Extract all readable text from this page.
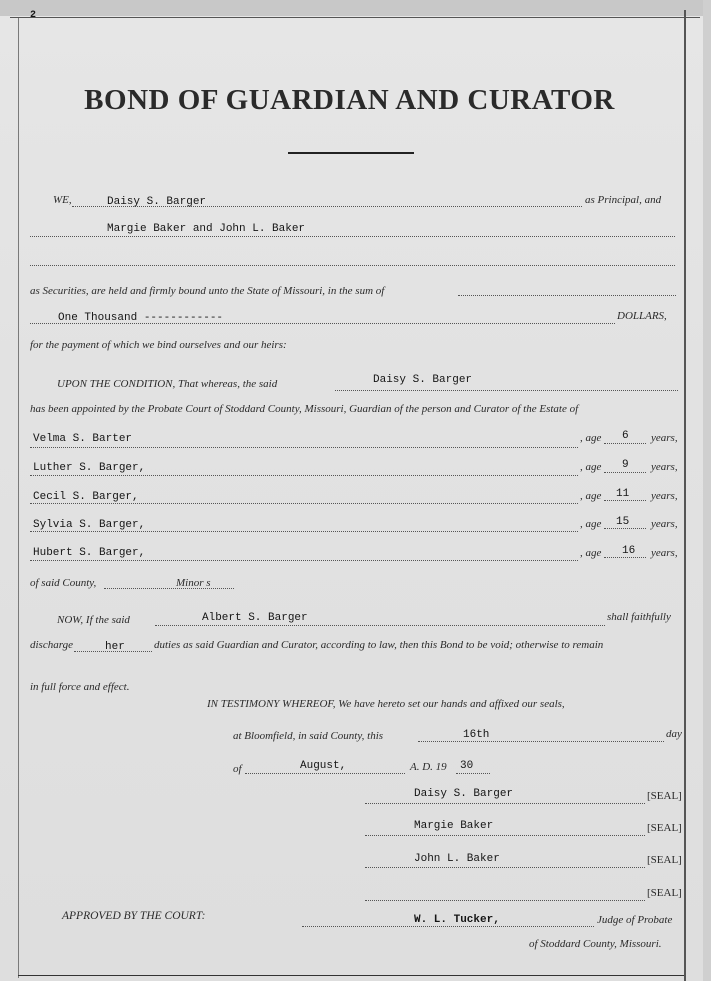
2
BOND OF GUARDIAN AND CURATOR
WE,	Daisy S. Barger	as Principal, and
Margie Baker and John L. Baker
as Securities, are held and firmly bound unto the State of Missouri, in the sum of
One Thousand ------------	DOLLARS,
for the payment of which we bind ourselves and our heirs:
UPON THE CONDITION, That whereas, the said	Daisy S. Barger
has been appointed by the Probate Court of Stoddard County, Missouri, Guardian of the person and Curator of the Estate of
Velma S. Barter	, age 6 years,
Luther S. Barger,	, age 9 years,
Cecil S. Barger,	, age 11 years,
Sylvia S. Barger,	, age 15 years,
Hubert S. Barger,	, age 16 years,
of said County,	Minor s
NOW, If the said	Albert S. Barger	shall faithfully
discharge	her	duties as said Guardian and Curator, according to law, then this Bond to be void; otherwise to remain
in full force and effect.
IN TESTIMONY WHEREOF, We have hereto set our hands and affixed our seals,
at Bloomfield, in said County, this	16th	day
of	August,	A. D. 19 30
Daisy S. Barger	[SEAL]
Margie Baker	[SEAL]
John L. Baker	[SEAL]
[SEAL]
APPROVED BY THE COURT:	W. L. Tucker,	Judge of Probate
of Stoddard County, Missouri.
